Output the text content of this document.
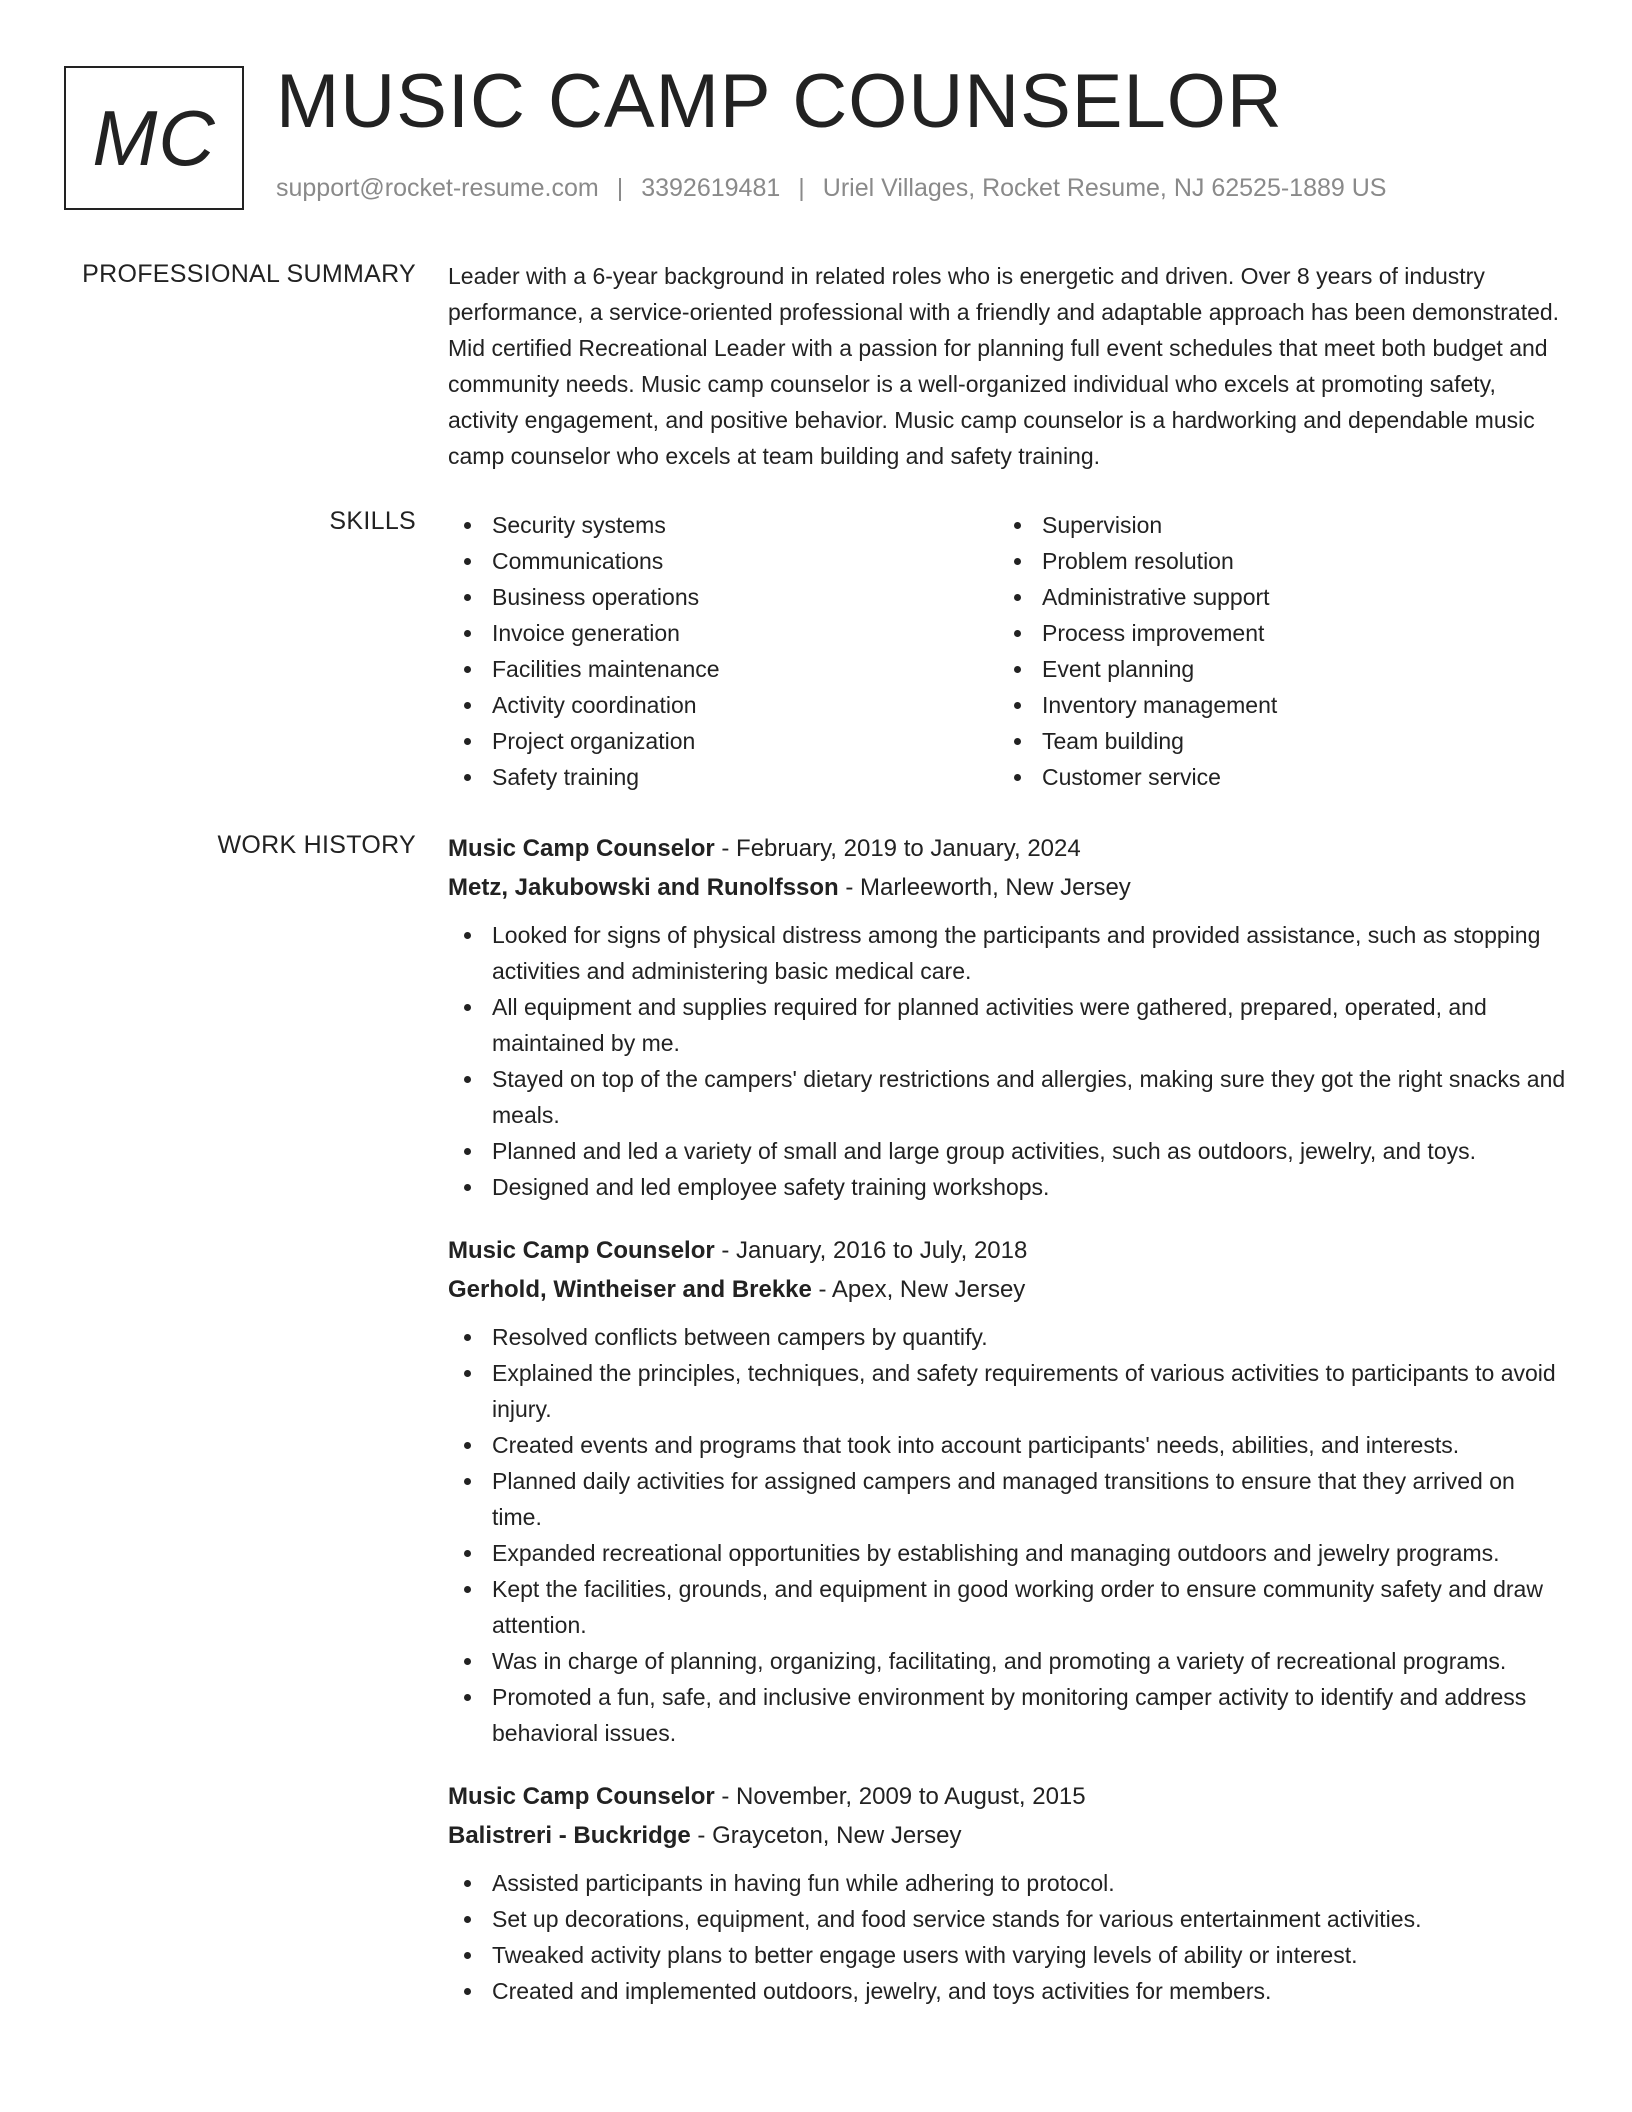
MC MUSIC CAMP COUNSELOR
support@rocket-resume.com | 3392619481 | Uriel Villages, Rocket Resume, NJ 62525-1889 US
PROFESSIONAL SUMMARY Leader with a 6-year background in related roles who is energetic and driven. Over 8 years of industry performance, a service-oriented professional with a friendly and adaptable approach has been demonstrated. Mid certified Recreational Leader with a passion for planning full event schedules that meet both budget and community needs. Music camp counselor is a well-organized individual who excels at promoting safety, activity engagement, and positive behavior. Music camp counselor is a hardworking and dependable music camp counselor who excels at team building and safety training.

SKILLS	Security systems
Communications
Business operations
Invoice generation
Facilities maintenance
Activity coordination
Project organization
Safety training
Supervision
Problem resolution
Administrative support
Process improvement
Event planning
Inventory management
Team building
Customer service
WORK HISTORY Music Camp Counselor - February, 2019 to January, 2024
Metz, Jakubowski and Runolfsson - Marleeworth, New Jersey
Looked for signs of physical distress among the participants and provided assistance, such as stopping activities and administering basic medical care.
All equipment and supplies required for planned activities were gathered, prepared, operated, and maintained by me.
Stayed on top of the campers' dietary restrictions and allergies, making sure they got the right snacks and meals.
Planned and led a variety of small and large group activities, such as outdoors, jewelry, and toys.
Designed and led employee safety training workshops.
Music Camp Counselor - January, 2016 to July, 2018
Gerhold, Wintheiser and Brekke - Apex, New Jersey
Resolved conflicts between campers by quantify.
Explained the principles, techniques, and safety requirements of various activities to participants to avoid injury.
Created events and programs that took into account participants' needs, abilities, and interests.
Planned daily activities for assigned campers and managed transitions to ensure that they arrived on time.
Expanded recreational opportunities by establishing and managing outdoors and jewelry programs.
Kept the facilities, grounds, and equipment in good working order to ensure community safety and draw attention.
Was in charge of planning, organizing, facilitating, and promoting a variety of recreational programs.
Promoted a fun, safe, and inclusive environment by monitoring camper activity to identify and address behavioral issues.
Music Camp Counselor - November, 2009 to August, 2015
Balistreri - Buckridge - Grayceton, New Jersey
Assisted participants in having fun while adhering to protocol.
Set up decorations, equipment, and food service stands for various entertainment activities.
Tweaked activity plans to better engage users with varying levels of ability or interest.
Created and implemented outdoors, jewelry, and toys activities for members.
